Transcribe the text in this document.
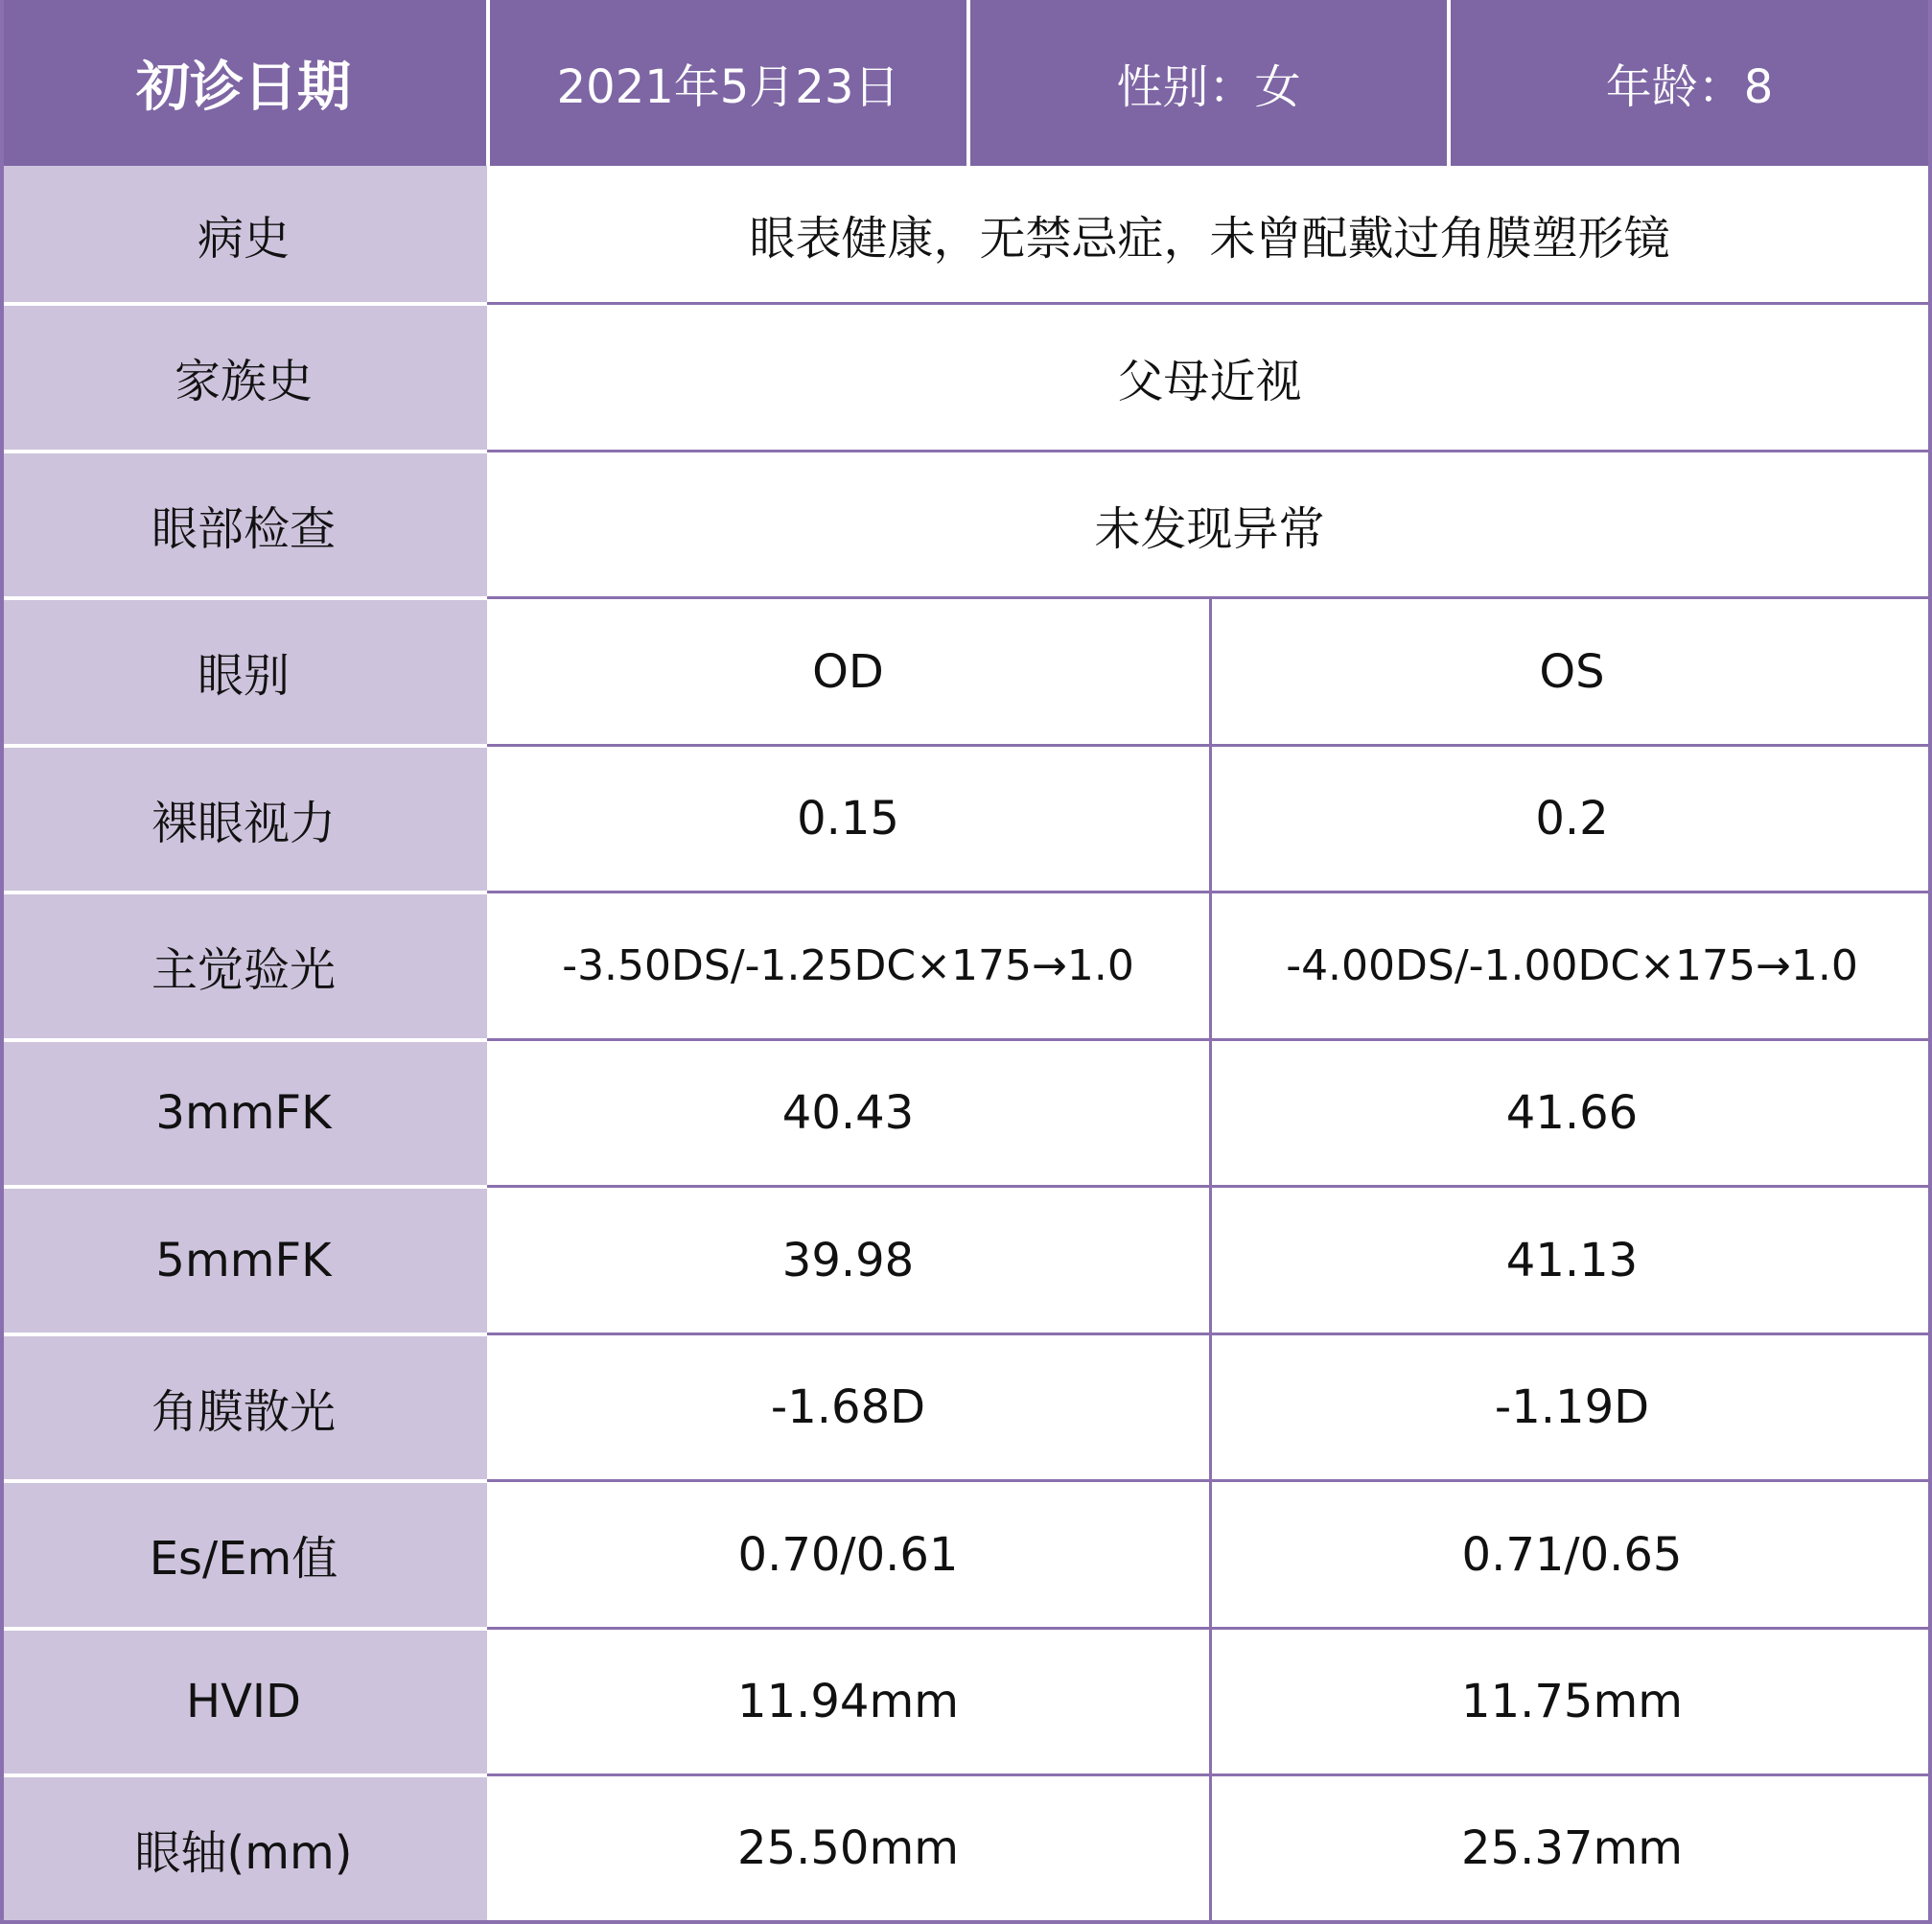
初诊日期	2021年5月23日	性别：女	年龄：8
病史	眼表健康，无禁忌症，未曾配戴过角膜塑形镜
家族史	父母近视
眼部检查	未发现异常
眼别	OD	OS
裸眼视力	0.15	0.2
主觉验光	-3.50DS/-1.25DC×175→1.0	-4.00DS/-1.00DC×175→1.0
3mmFK	40.43	41.66
5mmFK	39.98	41.13
角膜散光	-1.68D	-1.19D
Es/Em值	0.70/0.61	0.71/0.65
HVID	11.94mm	11.75mm
眼轴(mm)	25.50mm	25.37mm
